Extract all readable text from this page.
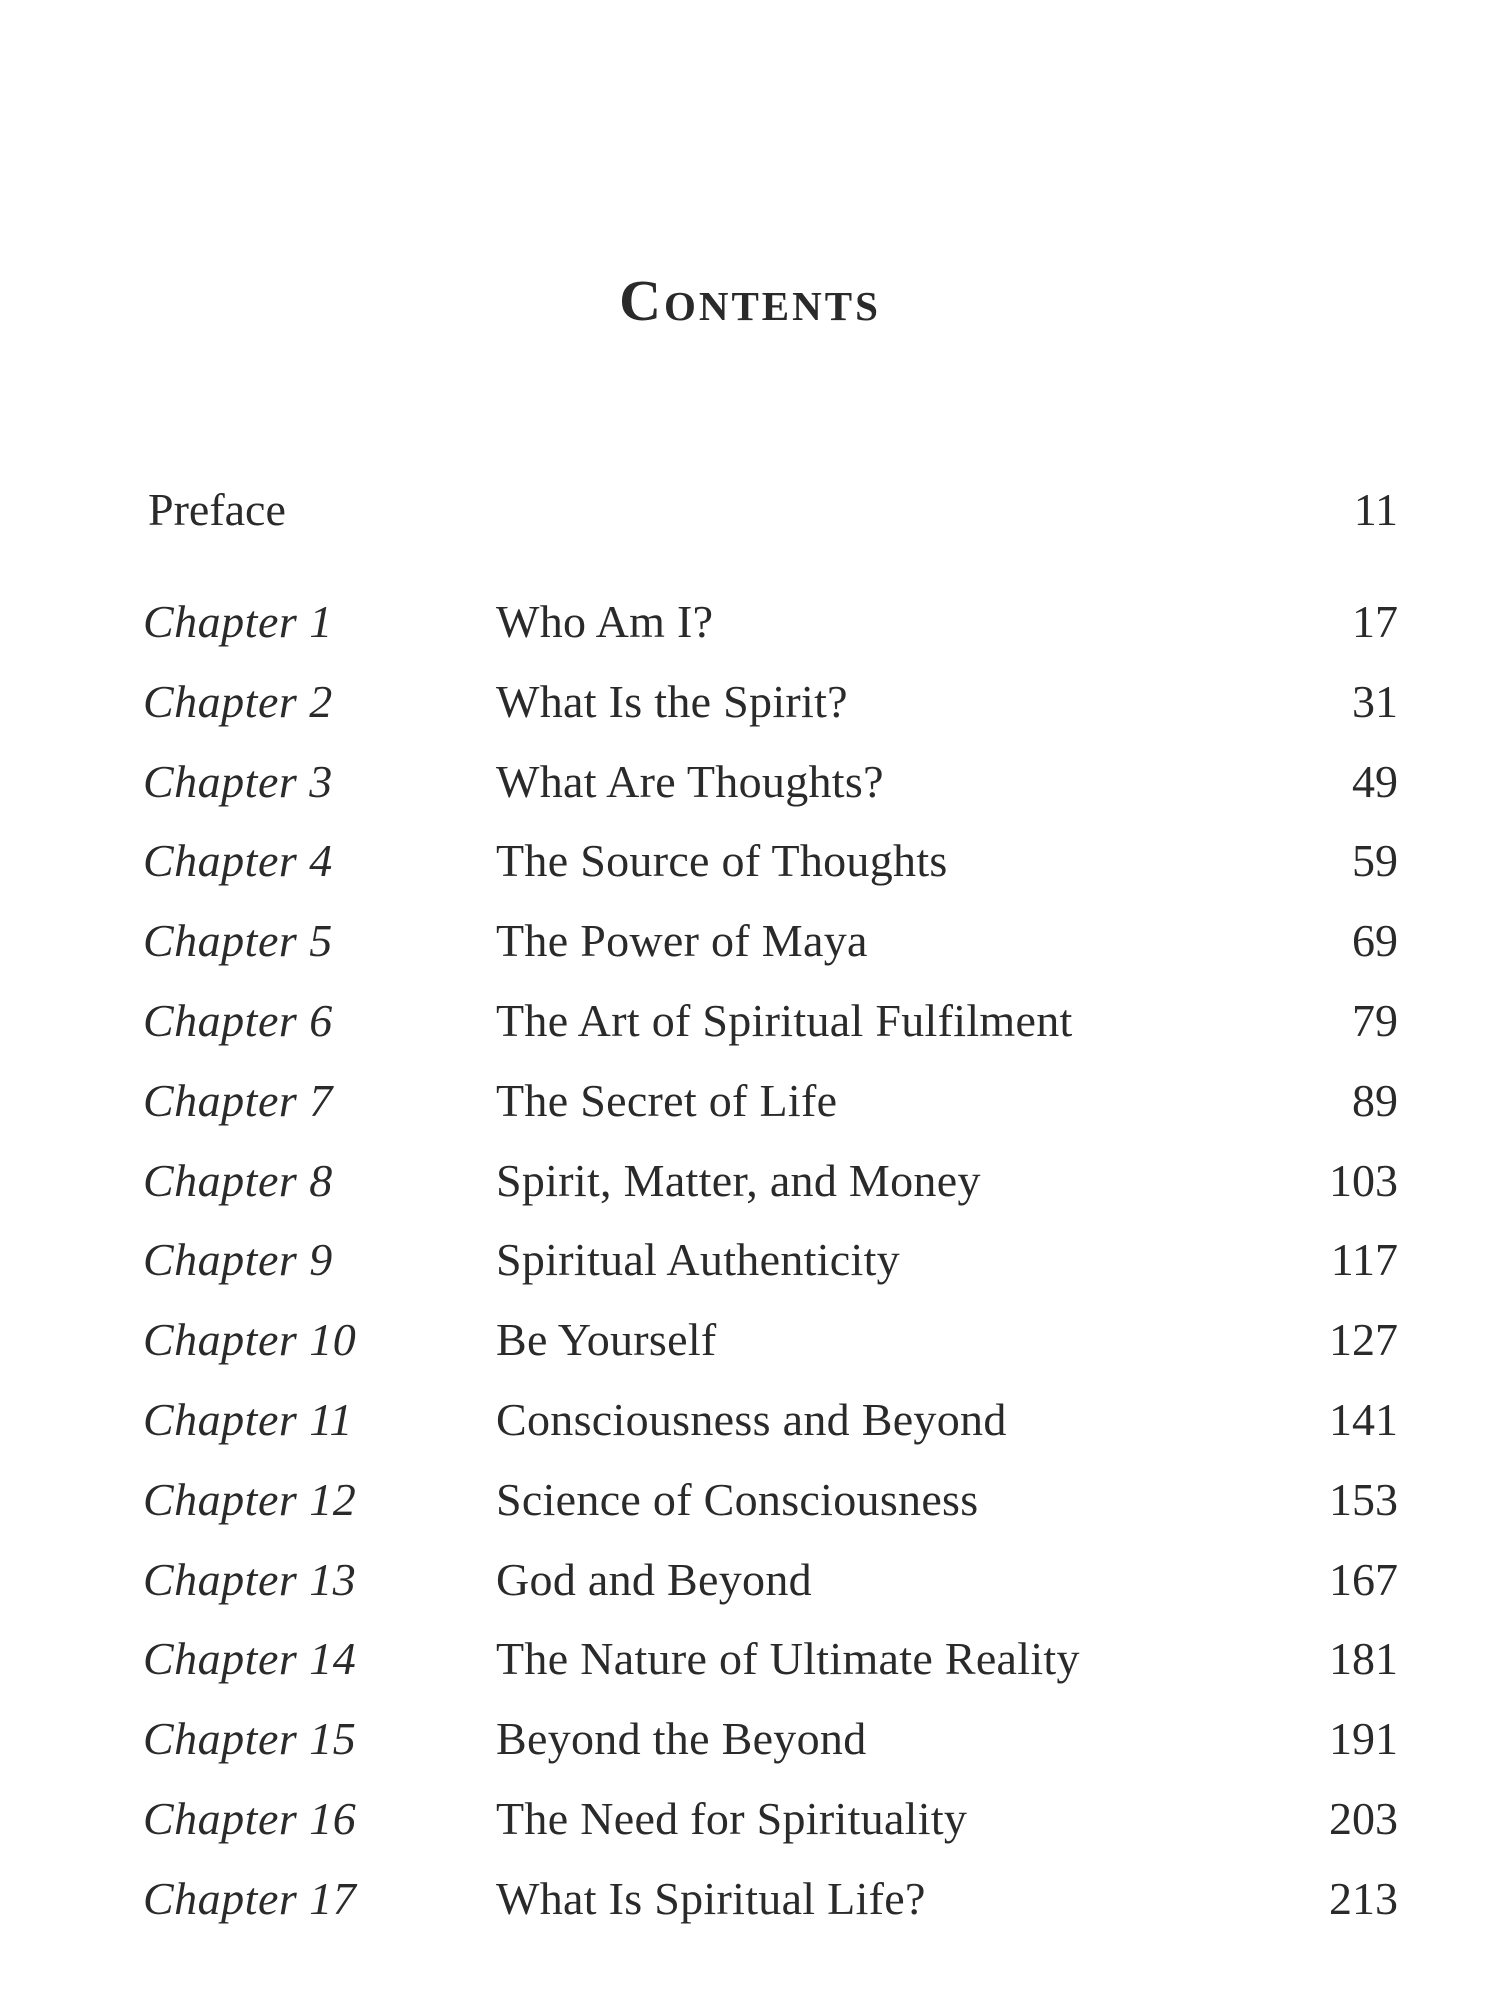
Contents
Preface	11
Chapter 1	Who Am I?	17
Chapter 2	What Is the Spirit?	31
Chapter 3	What Are Thoughts?	49
Chapter 4	The Source of Thoughts	59
Chapter 5	The Power of Maya	69
Chapter 6	The Art of Spiritual Fulfilment	79
Chapter 7	The Secret of Life	89
Chapter 8	Spirit, Matter, and Money	103
Chapter 9	Spiritual Authenticity	117
Chapter 10	Be Yourself	127
Chapter 11	Consciousness and Beyond	141
Chapter 12	Science of Consciousness	153
Chapter 13	God and Beyond	167
Chapter 14	The Nature of Ultimate Reality	181
Chapter 15	Beyond the Beyond	191
Chapter 16	The Need for Spirituality	203
Chapter 17	What Is Spiritual Life?	213
